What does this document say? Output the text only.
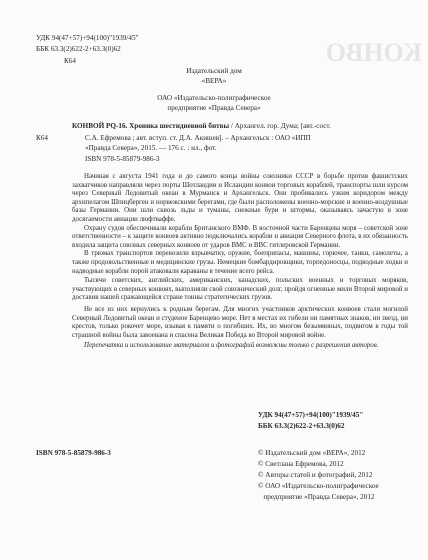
КОНВО
УДК 94(47+57)+94(100)"1939/45"
ББК 63.3(2)622-2+63.3(0)62
К64
Издательский дом
«ВЕРА»
ОАО «Издательско-полиграфическое
предприятие «Правда Севера»
КОНВОЙ PQ-16. Хроника шестидневной битвы / Архангел. гор. Дума; [авт.-сост.
К64	С.А. Ефремова ; авт. вступ. ст. Д.А. Акишев]. – Архангельск : ОАО «ИПП
«Правда Севера», 2015. — 176 с. : ил., фот.
ISBN 978-5-85879-986-3

Начиная с августа 1941 года и до самого конца войны союзники СССР в борьбе против фашистских захватчиков направляли через порты Шотландии и Исландии конвои торговых кораблей, транспорты шли курсом через Северный Ледовитый океан в Мурманск и Архангельск. Они пробивались узким коридором между архипелагом Шпицберген и норвежскими берегами, где были расположены военно-морские и военно-воздушные базы Германии. Они шли сквозь льды и туманы, снежные бури и штормы, оказываясь зачастую в зоне досягаемости авиации люфтваффе.

Охрану судов обеспечивали корабли Британского ВМФ. В восточной части Баренцева моря – советской зоне ответственности – к защите конвоев активно подключались корабли и авиация Северного флота, в их обязанность входила защита союзных северных конвоев от ударов ВМС и ВВС гитлеровской Германии.

В трюмах транспортов перевозили взрывчатку, оружие, боеприпасы, машины, горючее, танки, самолеты, а также продовольственные и медицинские грузы. Немецкие бомбардировщики, торпедоносцы, подводные лодки и надводные корабли порой атаковали караваны в течение всего рейса.

Тысячи советских, английских, американских, канадских, польских военных и торговых моряков, участвующих в северных конвоях, выполняли свой союзнический долг, пройдя огненные мили Второй мировой и доставив нашей сражающейся стране тонны стратегических грузов.

Не все из них вернулись к родным берегам. Для многих участников арктических конвоев стали могилой Северный Ледовитый океан и студеное Баренцево море. Нет в местах их гибели ни памятных знаков, ни звезд, ни крестов, только рокочет море, взывая к памяти о погибших. Их, во многом безымянных, подвигом в годы той страшной войны была завоевана и спасена Великая Победа во Второй мировой войне.

Перепечатка и использование материалов и фотографий возможны только с разрешения авторов.

УДК 94(47+57)+94(100)"1939/45"
ББК 63.3(2)622-2+63.3(0)62
ISBN 978-5-85879-986-3	© Издательский дом «ВЕРА», 2012
© Светлана Ефремова, 2012
© Авторы статей и фотографий, 2012
© ОАО «Издательско-полиграфическое
предприятие «Правда Севера», 2012
